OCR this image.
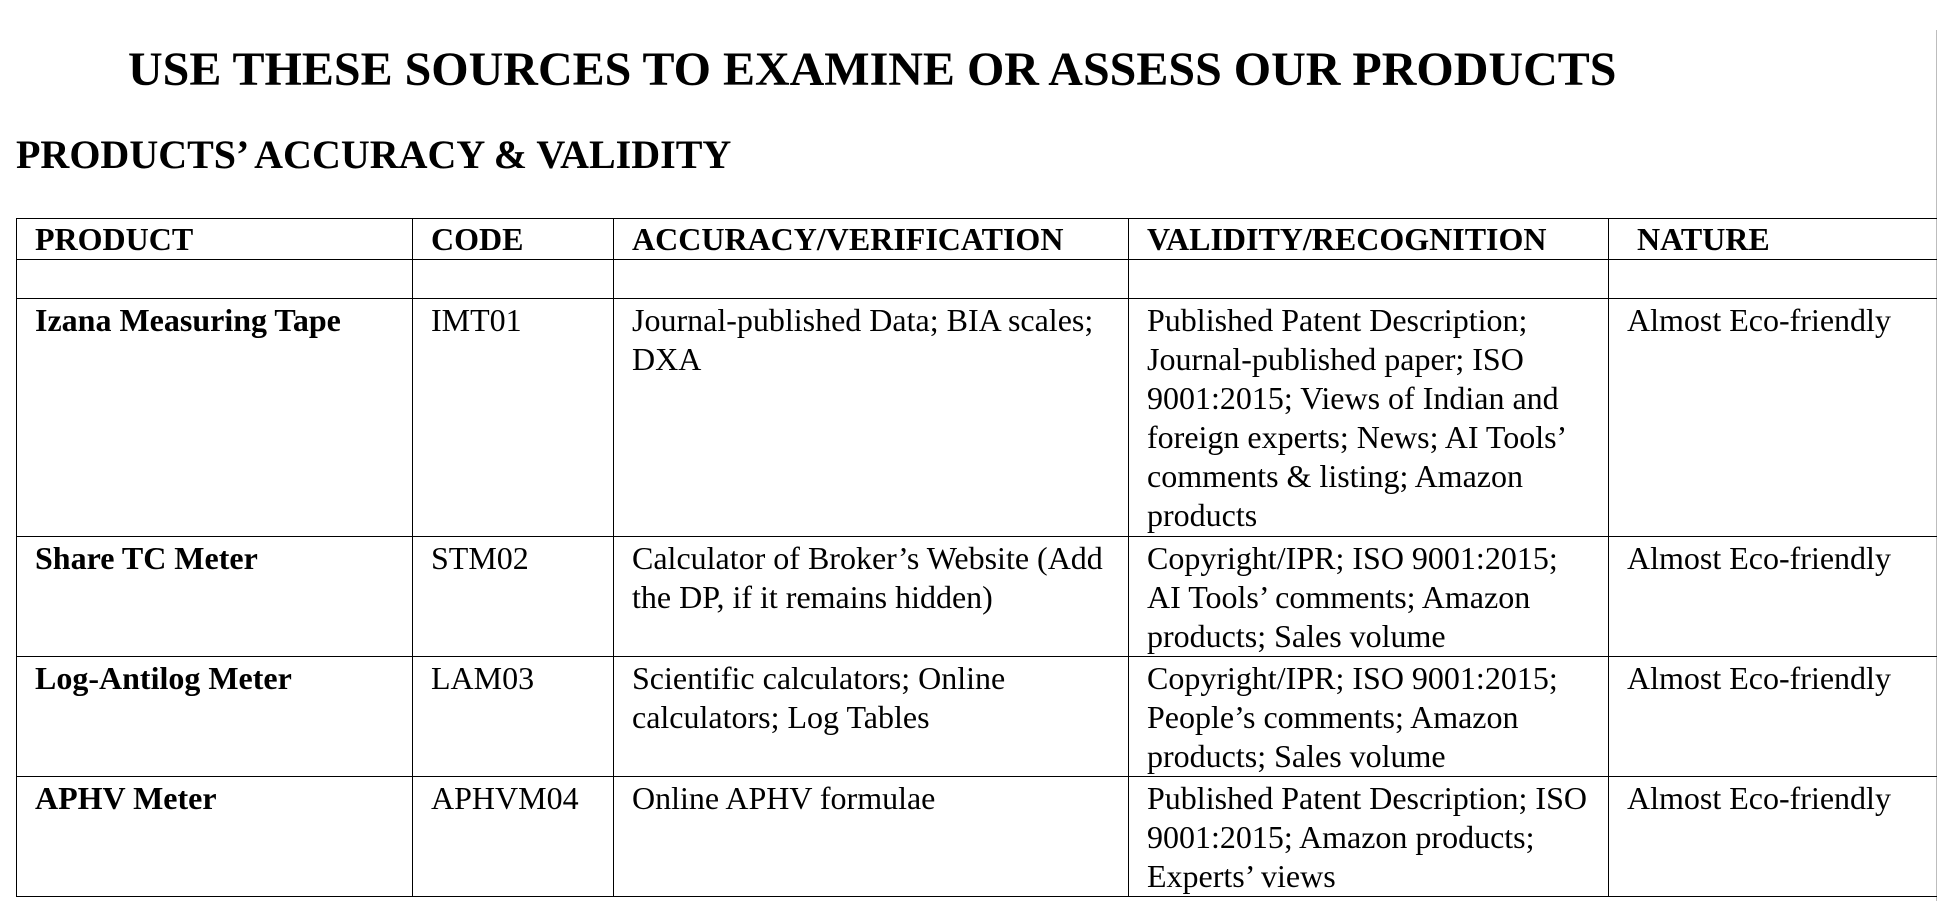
USE THESE SOURCES TO EXAMINE OR ASSESS OUR PRODUCTS
PRODUCTS’ ACCURACY & VALIDITY
PRODUCT	CODE	ACCURACY/VERIFICATION	VALIDITY/RECOGNITION	NATURE

Izana Measuring Tape	IMT01	Journal-published Data; BIA scales; DXA	Published Patent Description; Journal-published paper; ISO 9001:2015; Views of Indian and foreign experts; News; AI Tools’ comments & listing; Amazon products	Almost Eco-friendly

Share TC Meter	STM02	Calculator of Broker’s Website (Add the DP, if it remains hidden)	Copyright/IPR; ISO 9001:2015; AI Tools’ comments; Amazon products; Sales volume	Almost Eco-friendly

Log-Antilog Meter	LAM03	Scientific calculators; Online calculators; Log Tables	Copyright/IPR; ISO 9001:2015; People’s comments; Amazon products; Sales volume	Almost Eco-friendly

APHV Meter	APHVM04	Online APHV formulae	Published Patent Description; ISO 9001:2015; Amazon products; Experts’ views	Almost Eco-friendly
